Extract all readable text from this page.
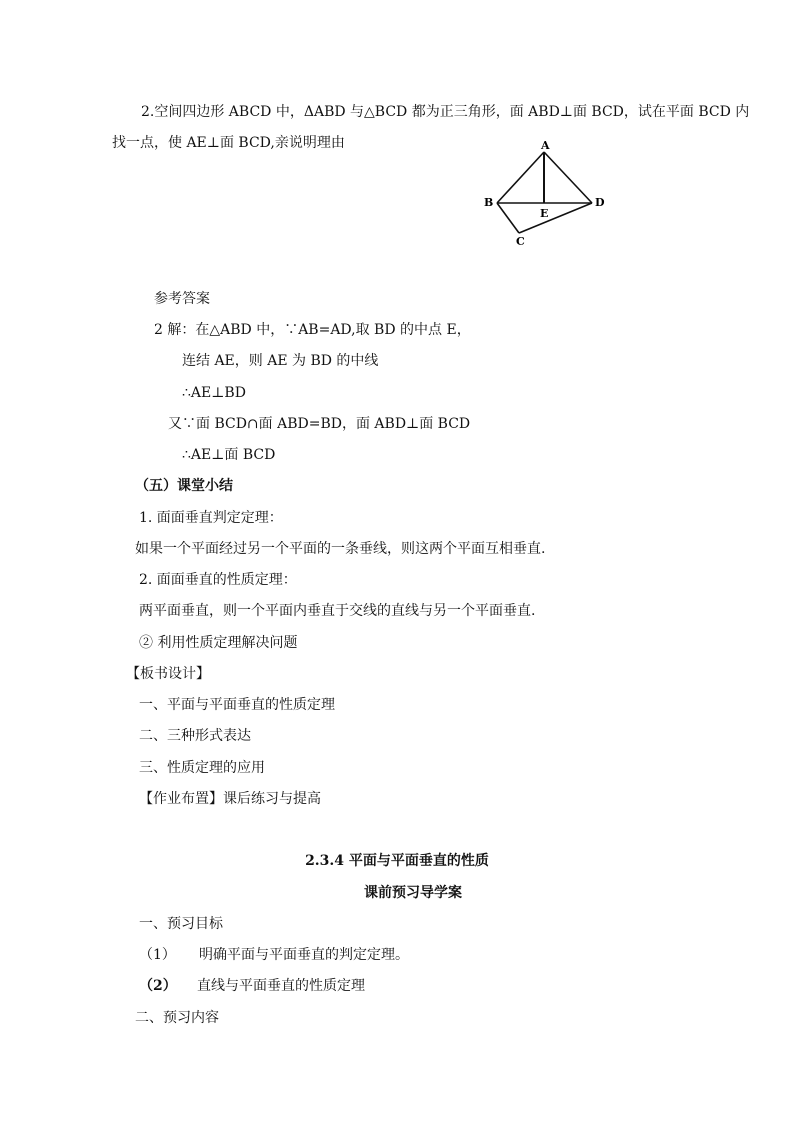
2.空间四边形 ABCD 中，ΔABD 与△BCD 都为正三角形，面 ABD⊥面 BCD，试在平面 BCD 内
找一点，使 AE⊥面 BCD,亲说明理由	A
B	D
E
C
参考答案
2 解：在△ABD 中，∵AB=AD,取 BD 的中点 E，
连结 AE，则 AE 为 BD 的中线
∴AE⊥BD
又∵面 BCD∩面 ABD=BD，面 ABD⊥面 BCD
∴AE⊥面 BCD
（五）课堂小结
1. 面面垂直判定定理：
如果一个平面经过另一个平面的一条垂线，则这两个平面互相垂直.
2. 面面垂直的性质定理：
两平面垂直，则一个平面内垂直于交线的直线与另一个平面垂直.
② 利用性质定理解决问题
【板书设计】
一、平面与平面垂直的性质定理
二、三种形式表达
三、性质定理的应用
【作业布置】课后练习与提高
2.3.4 平面与平面垂直的性质
课前预习导学案
一、预习目标
（1） 明确平面与平面垂直的判定定理。
（2） 直线与平面垂直的性质定理
二、预习内容
